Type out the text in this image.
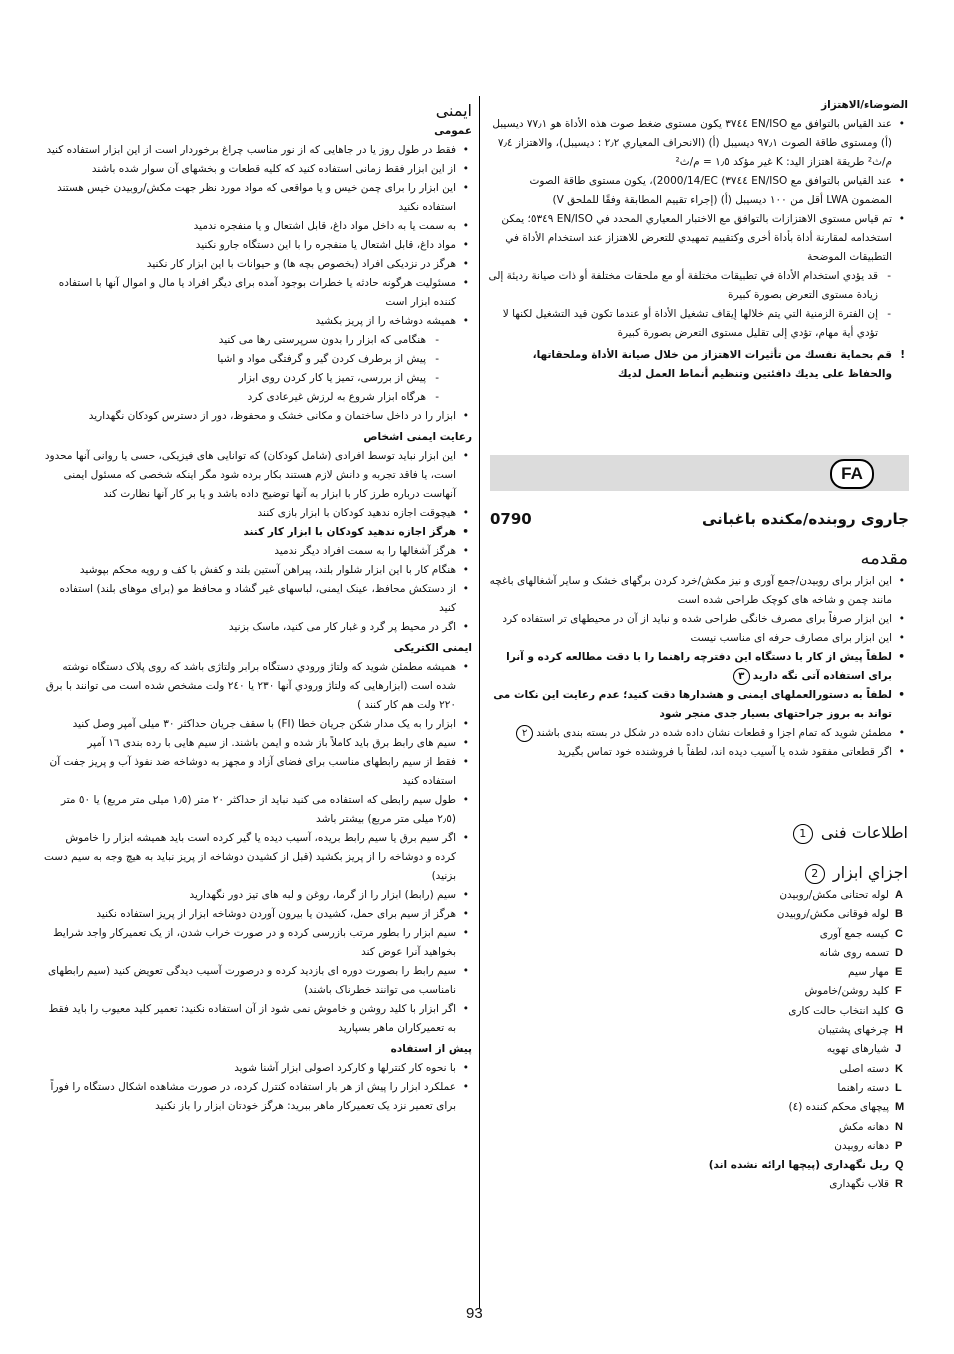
الضوضاء/الاهتزاز

• عند القياس بالتوافق مع EN/ISO ٣٧٤٤ يكون مستوى ضغط صوت هذه الأداة هو ٧٧٫١ ديسيبل (أ) ومستوى طاقة الصوت ٩٧٫١ ديسيبل (أ) (الانحراف المعياري ٢٫٢ : ديسيبل)، والاهتزاز ٧٫٤ م/ث² طريقة اهتزاز اليد: K غير مؤكد ١٫٥ = م/ث²
• عند القياس بالتوافق مع EN/ISO ٣٧٤٤) 2000/14/EC)، يكون مستوى طاقة الصوت المضمون LWA أقل من ١٠٠ ديسيبل (أ) (إجراء تقييم المطابقة وفقًا للملحق V)
• تم قياس مستوى الاهتزازات بالتوافق مع الاختبار المعياري المحدد في EN/ISO ٥٣٤٩؛ يمكن استخدامه لمقارنة أداة بأداة أخرى وكتقييم تمهيدي للتعرض للاهتزاز عند استخدام الأداة في التطبيقات الموضحة
- قد يؤدي استخدام الأداة في تطبيقات مختلفة أو مع ملحقات مختلفة أو ذات صيانة رديئة إلى زيادة مستوى التعرض بصورة كبيرة
- إن الفترة الزمنية التي يتم خلالها إيقاف تشغيل الأداة أو عندما تكون قيد التشغيل لكنها لا تؤدي أية مهام، تؤدي إلى تقليل مستوى التعرض بصورة كبيرة
! قم بحماية نفسك من تأثيرات الاهتزاز من خلال صيانة الأداة وملحقاتها، والحفاظ على يديك دافئتين وتنظيم أنماط العمل لديك
FA
جاروی روبنده/مکنده باغبانی
0790

مقدمه

• این ابزار برای روبیدن/جمع آوری و نیز مکش/خرد کردن برگهای خشک و سایر آشغالهای باغچه مانند چمن و شاخه های کوچک طراحی شده است
• این ابزار صرفاً برای مصرف خانگی طراحی شده و نباید از آن در محیطهای تر استفاده کرد
• این ابزار برای مصارف حرفه ای مناسب نیست
• لطفاً پیش از کار با دستگاه این دفترچه راهنما را با دقت مطالعه کرده و آنرا برای استفاده آتی نگه دارید٣
• لطفاً به دستورالعملهای ایمنی و هشدارها دقت کنید؛ عدم رعایت این نکات می تواند به بروز جراحتهای بسیار جدی منجر شود
• مطمئن شوید که تمام اجزا و قطعات نشان داده شده در شکل در بسته بندی باشند٢
• اگر قطعاتی مفقود شده یا آسیب دیده اند، لطفاً با فروشنده خود تماس بگیرید
اطلاعات فنی 1
اجزاي ابزار 2
A
لوله تحتانی مکش/روبیدن
B
لوله فوقانی مکش/روبیدن
C
کیسه جمع آوری
D
تسمه روی شانه
E
مهار سیم
F
کلید روشن/خاموش
G
کلید انتخاب حالت کاری
H
چرخهای پشتیبان
J
شیارهای تهویه
K
دسته اصلی
L
دسته راهنما
M
پیچهای محکم کننده (٤)
N
دهانه مکش
P
دهانه روبیدن
Q
ریل نگهداری (پیچها ارائه نشده اند)
R
قلاب نگهداری

ایمنی

عمومی

• فقط در طول روز یا در جاهایی که از نور مناسب چراغ برخوردار است از این ابزار استفاده کنید
• از این ابزار فقط زمانی استفاده کنید که کلیه قطعات و بخشهای آن سوار شده باشند
• این ابزار را برای چمن خیس و یا مواقعی که مواد مورد نظر جهت مکش/روبیدن خیس هستند استفاده نکنید
• به سمت یا به داخل مواد داغ، قابل اشتعال و یا منفجره ندمید
• مواد داغ، قابل اشتعال یا منفجره را با این دستگاه جارو نکنید
• هرگز در نزدیکی افراد (بخصوص بچه ها) و حیوانات با این ابزار کار نکنید
• مسئولیت هرگونه حادثه یا خطرات بوجود آمده برای دیگر افراد یا مال و اموال آنها با استفاده کننده ابزار است
• همیشه دوشاخه را از پریز بکشید
- هنگامی که ابزار را بدون سرپرستی رها می کنید
- پیش از برطرف کردن گیر و گرفتگی مواد و اشیا
- پیش از بررسی، تمیز یا کار کردن روی ابزار
- هرگاه ابزار شروع به لرزش غیرعادی کرد
• ابزار را در داخل ساختمان و مکانی خشک و محفوظ، دور از دسترس کودکان نگهدارید

رعایت ایمنی اشخاص

• این ابزار نباید توسط افرادی (شامل کودکان) که توانایی های فیزیکی، حسی یا روانی آنها محدود است، یا فاقد تجربه و دانش لازم هستند بکار برده شود مگر اینکه شخصی که مسئول ایمنی آنهاست درباره طرز کار با ابزار به آنها توضیح داده باشد و یا بر کار آنها نظارت کند
• هیچوقت اجازه ندهید کودکان با ابزار بازی کنند
• هرگز اجازه ندهید کودکان با ابزار کار کنند
• هرگز آشغالها را به سمت افراد دیگر ندمید
• هنگام کار با این ابزار شلوار بلند، پیراهن آستین بلند و کفش با کف و رویه محکم بپوشید
• از دستکش محافظ، عینک ایمنی، لباسهای غیر گشاد و محافظ مو (برای موهای بلند) استفاده کنید
• اگر در محیط پر گرد و غبار کار می کنید، ماسک بزنید

ایمنی الکتریکی

• همیشه مطمئن شوید که ولتاژ ورودي دستگاه برابر ولتاژی باشد که روی پلاک دستگاه نوشته شده است (ابزارهایی که ولتاژ ورودي آنها ٢٣٠ یا ٢٤٠ ولت مشخص شده است می توانند با برق ٢٢٠ ولت هم کار کنند )
• ابزار را به یک مدار شکن جریان خطا (FI) با سقف جریان حداکثر ٣٠ میلی آمپر وصل کنید
• سیم های رابط برق باید کاملاً باز شده و ایمن باشند. از سیم هایی با رده بندی ١٦ آمپر
• فقط از سیم رابطهای مناسب برای فضای آزاد و مجهز به دوشاخه ضد نفوذ آب و پریز جفت آن استفاده کنید
• طول سیم رابطی که استفاده می کنید نباید از حداکثر ٢٠ متر (١٫٥ میلی متر مربع) یا ٥٠ متر (٢٫٥ میلی متر مربع) بیشتر باشد
• اگر سیم برق یا سیم رابط بریده، آسیب دیده یا گیر کرده است باید همیشه ابزار را خاموش کرده و دوشاخه را از پریز بکشید (قبل از کشیدن دوشاخه از پریز نباید به هیچ وجه به سیم دست بزنید)
• سیم (رابط) ابزار را از گرما، روغن و لبه های تیز دور نگهدارید
• هرگز از سیم برای حمل، کشیدن یا بیرون آوردن دوشاخه ابزار از پریز استفاده نکنید
• سیم ابزار را بطور مرتب بازرسی کرده و در صورت خراب شدن، از یک تعمیرکار واجد شرایط بخواهید آنرا عوض کند
• سیم رابط را بصورت دوره ای بازدید کرده و درصورت آسیب دیدگی تعویض کنید (سیم رابطهای نامناسب می توانند خطرناک باشند)
• اگر ابزار با کلید روشن و خاموش نمی شود از آن استفاده نکنید: تعمیر کلید معیوب را باید فقط به تعمیرکاران ماهر بسپارید

پیش از استفاده

• با نحوه کار کنترلها و کارکرد اصولی ابزار آشنا شوید
• عملکرد ابزار را پیش از هر بار استفاده کنترل کرده، در صورت مشاهده اشکال دستگاه را فوراً برای تعمیر نزد یک تعمیرکار ماهر ببرید: هرگز خودتان ابزار را باز نکنید
93
